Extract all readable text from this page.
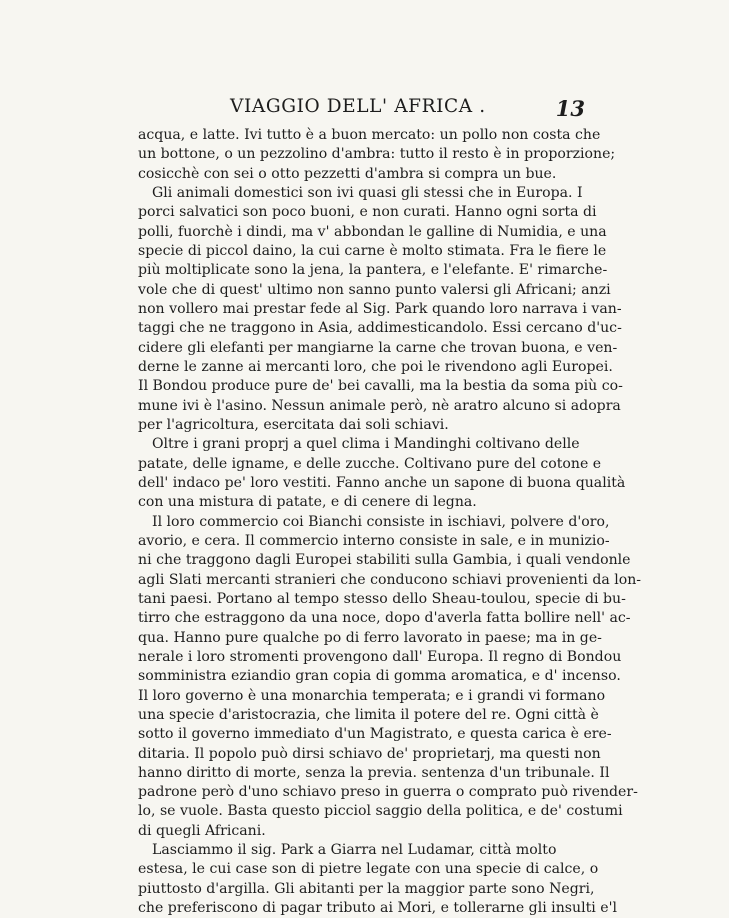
VIAGGIO DELL' AFRICA .	13
acqua, e latte. Ivi tutto è a buon mercato: un pollo non costa che
un bottone, o un pezzolino d'ambra: tutto il resto è in proporzione;
cosicchè con sei o otto pezzetti d'ambra si compra un bue.
Gli animali domestici son ivi quasi gli stessi che in Europa. I
porci salvatici son poco buoni, e non curati. Hanno ogni sorta di
polli, fuorchè i dindi, ma v' abbondan le galline di Numidia, e una
specie di piccol daino, la cui carne è molto stimata. Fra le fiere le
più moltiplicate sono la jena, la pantera, e l'elefante. E' rimarche-
vole che di quest' ultimo non sanno punto valersi gli Africani; anzi
non vollero mai prestar fede al Sig. Park quando loro narrava i van-
taggi che ne traggono in Asia, addimesticandolo. Essi cercano d'uc-
cidere gli elefanti per mangiarne la carne che trovan buona, e ven-
derne le zanne ai mercanti loro, che poi le rivendono agli Europei.
Il Bondou produce pure de' bei cavalli, ma la bestia da soma più co-
mune ivi è l'asino. Nessun animale però, nè aratro alcuno si adopra
per l'agricoltura, esercitata dai soli schiavi.
Oltre i grani proprj a quel clima i Mandinghi coltivano delle
patate, delle igname, e delle zucche. Coltivano pure del cotone e
dell' indaco pe' loro vestiti. Fanno anche un sapone di buona qualità
con una mistura di patate, e di cenere di legna.
Il loro commercio coi Bianchi consiste in ischiavi, polvere d'oro,
avorio, e cera. Il commercio interno consiste in sale, e in munizio-
ni che traggono dagli Europei stabiliti sulla Gambia, i quali vendonle
agli Slati mercanti stranieri che conducono schiavi provenienti da lon-
tani paesi. Portano al tempo stesso dello Sheau-toulou, specie di bu-
tirro che estraggono da una noce, dopo d'averla fatta bollire nell' ac-
qua. Hanno pure qualche po di ferro lavorato in paese; ma in ge-
nerale i loro stromenti provengono dall' Europa. Il regno di Bondou
somministra eziandio gran copia di gomma aromatica, e d' incenso.
Il loro governo è una monarchia temperata; e i grandi vi formano
una specie d'aristocrazia, che limita il potere del re. Ogni città è
sotto il governo immediato d'un Magistrato, e questa carica è ere-
ditaria. Il popolo può dirsi schiavo de' proprietarj, ma questi non
hanno diritto di morte, senza la previa. sentenza d'un tribunale. Il
padrone però d'uno schiavo preso in guerra o comprato può rivender-
lo, se vuole. Basta questo picciol saggio della politica, e de' costumi
di quegli Africani.
Lasciammo il sig. Park a Giarra nel Ludamar, città molto
estesa, le cui case son di pietre legate con una specie di calce, o
piuttosto d'argilla. Gli abitanti per la maggior parte sono Negri,
che preferiscono di pagar tributo ai Mori, e tollerarne gli insulti e'l
